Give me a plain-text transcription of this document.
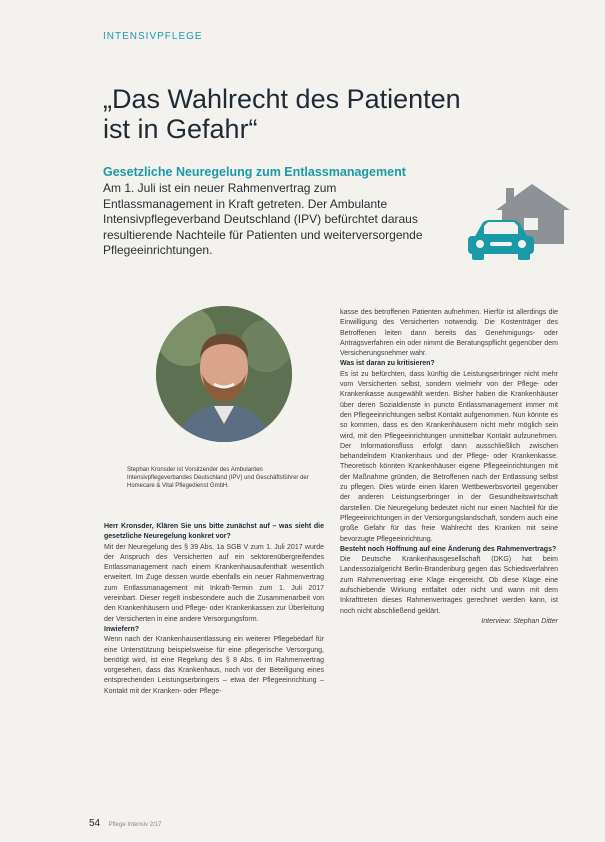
INTENSIVPFLEGE
„Das Wahlrecht des Patienten
ist in Gefahr“
Gesetzliche Neuregelung zum Entlassmanagement
Am 1. Juli ist ein neuer Rahmenvertrag zum Entlassmanagement in Kraft getreten. Der Ambulante Intensivpflegeverband Deutschland (IPV) befürchtet daraus resultierende Nachteile für Patienten und weiterversorgende Pflegeeinrichtungen.
Stephan Kronsder ist Vorsitzender des Ambulanten Intensivpflegeverbandes Deutschland (IPV) und Geschäftsführer der Homecare & Vital Pflegedienst GmbH.

Herr Kronsder, Klären Sie uns bitte zunächst auf – was sieht die gesetzliche Neuregelung konkret vor?

Mit der Neuregelung des § 39 Abs. 1a SGB V zum 1. Juli 2017 wurde der Anspruch des Versicherten auf ein sektorenübergreifendes Entlassmanagement nach einem Krankenhausaufenthalt wesentlich erweitert. Im Zuge dessen wurde ebenfalls ein neuer Rahmenvertrag zum Entlassmanagement mit Inkraft-Termin zum 1. Juli 2017 vereinbart. Dieser regelt insbesondere auch die Zusammenarbeit von den Krankenhäusern und Pflege- oder Krankenkassen zur Überleitung der Versicherten in eine andere Versorgungsform.

Inwiefern?

Wenn nach der Krankenhausentlassung ein weiterer Pflegebedarf für eine Unterstützung beispielsweise für eine pflegerische Versorgung, benötigt wird, ist eine Regelung des § 8 Abs. 6 im Rahmenvertrag vorgesehen, dass das Krankenhaus, noch vor der Beteiligung eines entsprechenden Leistungserbringers – etwa der Pflegeeinrichtung – Kontakt mit der Kranken- oder Pflege-

kasse des betroffenen Patienten aufnehmen. Hierfür ist allerdings die Einwilligung des Versicherten notwendig. Die Kostenträger des Betroffenen leiten dann bereits das Genehmigungs- oder Antragsverfahren ein oder nimmt die Beratungspflicht gegenüber dem Versicherungsnehmer wahr.

Was ist daran zu kritisieren?

Es ist zu befürchten, dass künftig die Leistungserbringer nicht mehr vom Versicherten selbst, sondern vielmehr von der Pflege- oder Krankenkasse ausgewählt werden. Bisher haben die Krankenhäuser über deren Sozialdienste in puncto Entlassmanagement immer mit den Pflegeeinrichtungen selbst Kontakt aufgenommen. Nun könnte es so kommen, dass es den Krankenhäusern nicht mehr möglich sein wird, mit den Pflegeeinrichtungen unmittelbar Kontakt aufzunehmen. Der Informationsfluss erfolgt dann ausschließlich zwischen behandelndem Krankenhaus und der Pflege- oder Krankenkasse. Theoretisch könnten Krankenhäuser eigene Pflegeeinrichtungen mit der Maßnahme gründen, die Betroffenen nach der Entlassung selbst zu pflegen. Dies würde einen klaren Wettbewerbsvorteil gegenüber der anderen Leistungserbringer in der Gesundheitswirtschaft darstellen. Die Neuregelung bedeutet nicht nur einen Nachteil für die Pflegeeinrichtungen in der Versorgungslandschaft, sondern auch eine große Gefahr für das freie Wahlrecht des Kranken mit seine bevorzugte Pflegeeinrichtung.

Besteht noch Hoffnung auf eine Änderung des Rahmenvertrags?

Die Deutsche Krankenhausgesellschaft (DKG) hat beim Landessozialgericht Berlin-Brandenburg gegen das Schiedsverfahren zum Rahmenvertrag eine Klage eingereicht. Ob diese Klage eine aufschiebende Wirkung entfaltet oder nicht und wann mit dem Inkrafttreten dieses Rahmenvertrages gerechnet werden kann, ist noch nicht abschließend geklärt.

Interview: Stephan Ditter

54 Pflege Intensiv 2/17
